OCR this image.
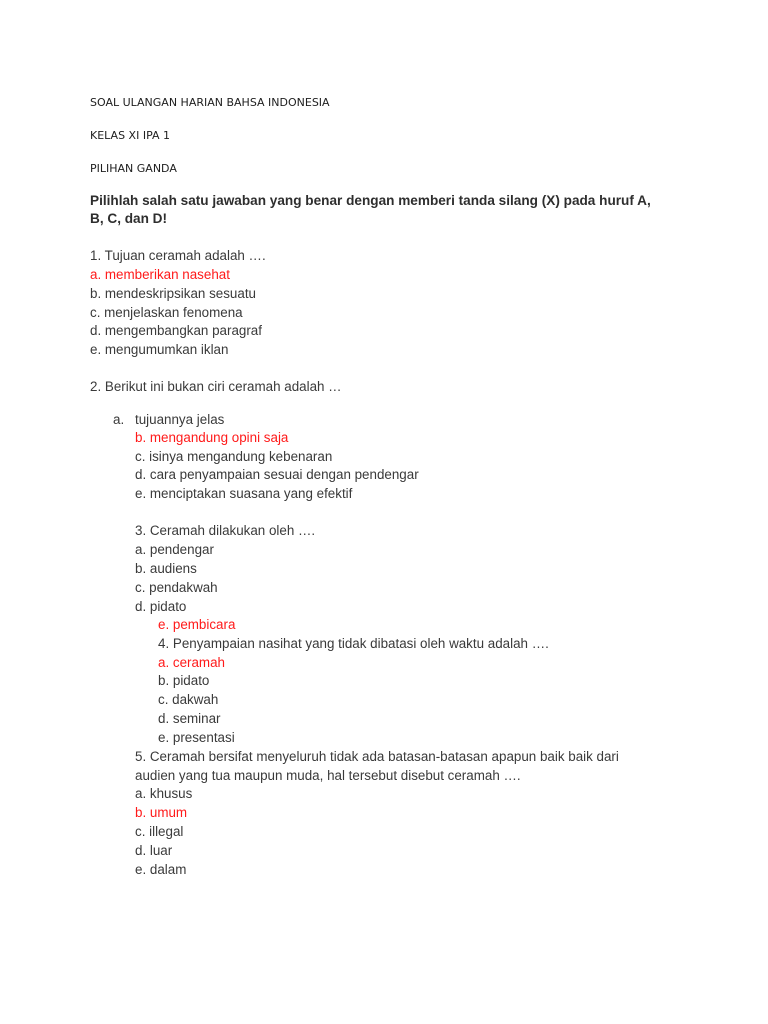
SOAL ULANGAN HARIAN BAHSA INDONESIA
KELAS XI IPA 1
PILIHAN GANDA
Pilihlah salah satu jawaban yang benar dengan memberi tanda silang (X) pada huruf A,
B, C, dan D!
1. Tujuan ceramah adalah ….
a. memberikan nasehat
b. mendeskripsikan sesuatu
c. menjelaskan fenomena
d. mengembangkan paragraf
e. mengumumkan iklan
2. Berikut ini bukan ciri ceramah adalah …
a. tujuannya jelas
b. mengandung opini saja
c. isinya mengandung kebenaran
d. cara penyampaian sesuai dengan pendengar
e. menciptakan suasana yang efektif
3. Ceramah dilakukan oleh ….
a. pendengar
b. audiens
c. pendakwah
d. pidato
e. pembicara
4. Penyampaian nasihat yang tidak dibatasi oleh waktu adalah ….
a. ceramah
b. pidato
c. dakwah
d. seminar
e. presentasi
5. Ceramah bersifat menyeluruh tidak ada batasan-batasan apapun baik baik dari
audien yang tua maupun muda, hal tersebut disebut ceramah ….
a. khusus
b. umum
c. illegal
d. luar
e. dalam
